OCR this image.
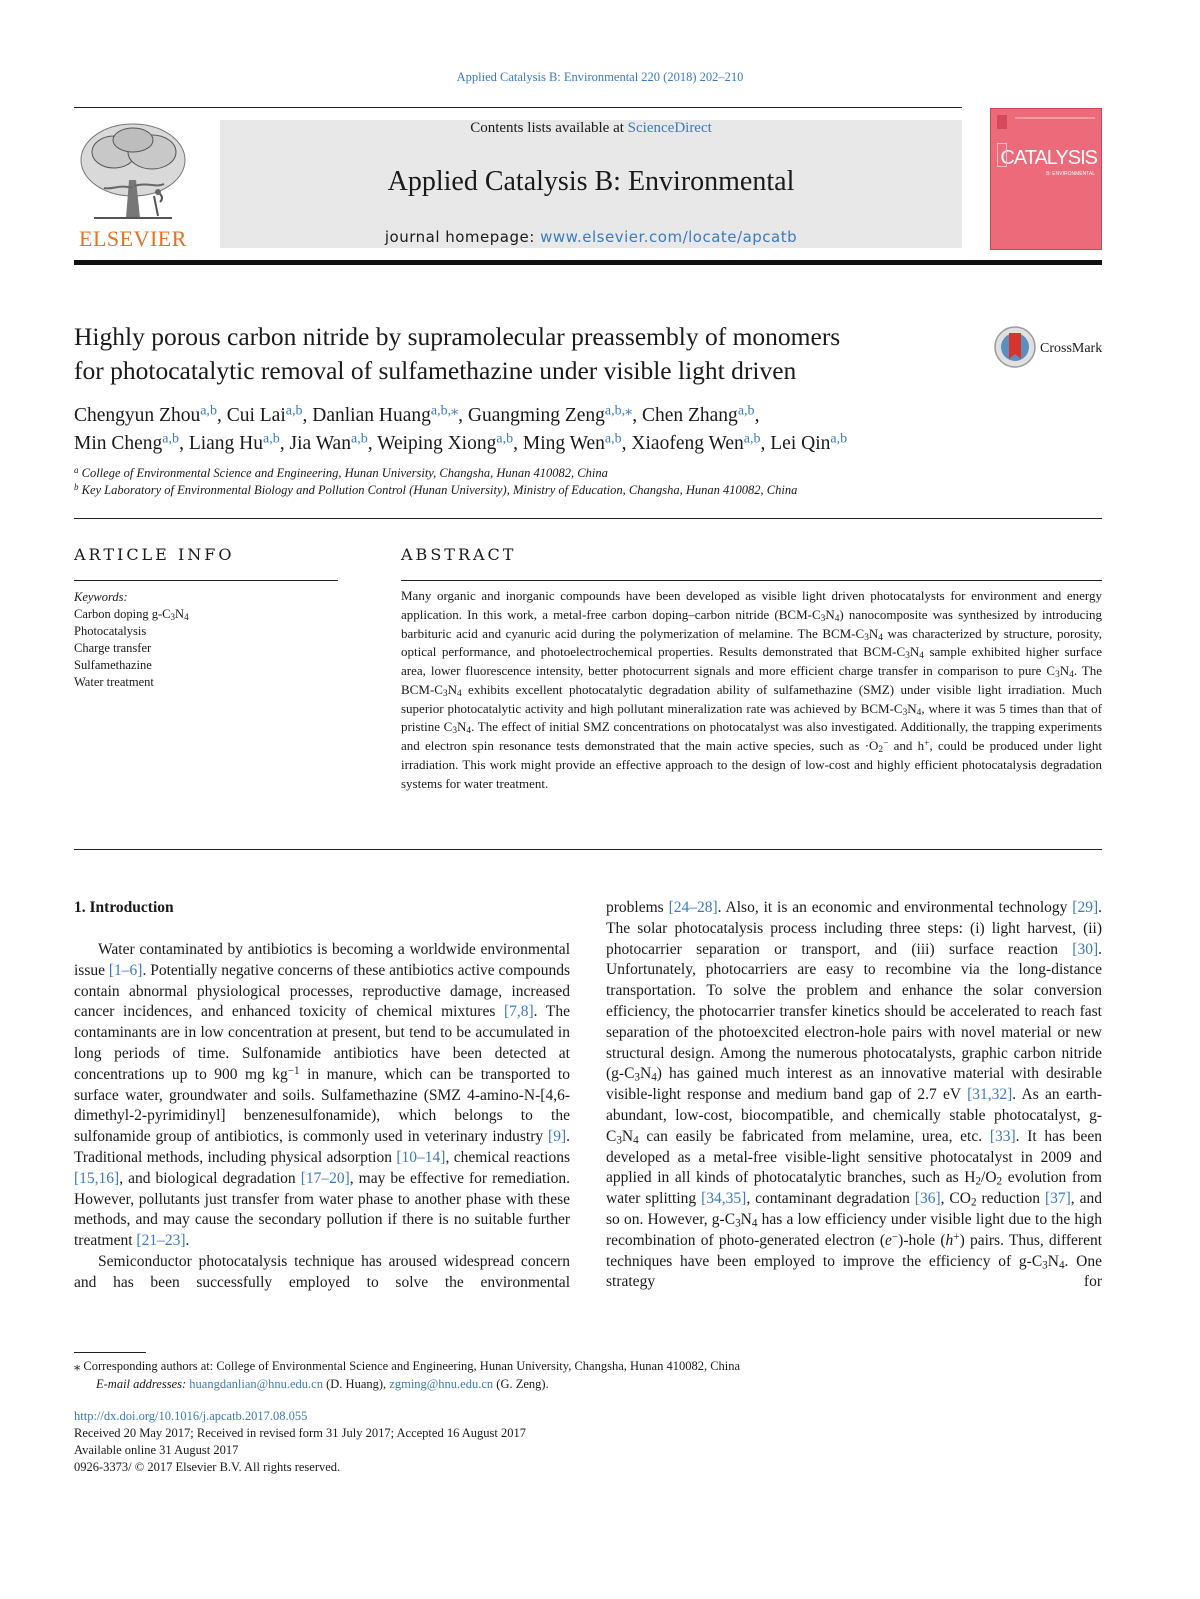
Applied Catalysis B: Environmental 220 (2018) 202–210
ELSEVIER
Contents lists available at ScienceDirect
Applied Catalysis B: Environmental
journal homepage: www.elsevier.com/locate/apcatb
CATALYSIS
B: ENVIRONMENTAL
Highly porous carbon nitride by supramolecular preassembly of monomers
for photocatalytic removal of sulfamethazine under visible light driven
CrossMark
Chengyun Zhou$^{a,b}$, Cui Lai$^{a,b}$, Danlian Huang$^{a,b,⁎}$, Guangming Zeng$^{a,b,⁎}$, Chen Zhang$^{a,b}$,
Min Cheng$^{a,b}$, Liang Hu$^{a,b}$, Jia Wan$^{a,b}$, Weiping Xiong$^{a,b}$, Ming Wen$^{a,b}$, Xiaofeng Wen$^{a,b}$, Lei Qin$^{a,b}$
$^a$ College of Environmental Science and Engineering, Hunan University, Changsha, Hunan 410082, China
$^b$ Key Laboratory of Environmental Biology and Pollution Control (Hunan University), Ministry of Education, Changsha, Hunan 410082, China
ARTICLE INFO	ABSTRACT
Keywords:
Carbon doping $g-C_3N_4$
Photocatalysis
Charge transfer
Sulfamethazine
Water treatment
Many organic and inorganic compounds have been developed as visible light driven photocatalysts for environment and energy application. In this work, a metal-free carbon doping–carbon nitride $(BCM-C_3N_4)$ nanocomposite was synthesized by introducing barbituric acid and cyanuric acid during the polymerization of melamine. The BCM-$C_3N_4$ was characterized by structure, porosity, optical performance, and photoelectrochemical properties. Results demonstrated that BCM-$C_3N_4$ sample exhibited higher surface area, lower fluorescence intensity, better photocurrent signals and more efficient charge transfer in comparison to pure $C_3N_4$. The BCM-$C_3N_4$ exhibits excellent photocatalytic degradation ability of sulfamethazine (SMZ) under visible light irradiation. Much superior photocatalytic activity and high pollutant mineralization rate was achieved by BCM-$C_3N_4$, where it was 5 times than that of pristine $C_3N_4$. The effect of initial SMZ concentrations on photocatalyst was also investigated. Additionally, the trapping experiments and electron spin resonance tests demonstrated that the main active species, such as $\cdot O_2^-$ and h+, could be produced under light irradiation. This work might provide an effective approach to the design of low-cost and highly efficient photocatalysis degradation systems for water treatment.
1. Introduction

Water contaminated by antibiotics is becoming a worldwide environmental issue [1–6]. Potentially negative concerns of these antibiotics active compounds contain abnormal physiological processes, reproductive damage, increased cancer incidences, and enhanced toxicity of chemical mixtures [7,8]. The contaminants are in low concentration at present, but tend to be accumulated in long periods of time. Sulfonamide antibiotics have been detected at concentrations up to 900 mg $kg^{-1}$ in manure, which can be transported to surface water, groundwater and soils. Sulfamethazine (SMZ 4-amino-N-[4,6-dimethyl-2-pyrimidinyl] benzenesulfonamide), which belongs to the sulfonamide group of antibiotics, is commonly used in veterinary industry [9]. Traditional methods, including physical adsorption [10–14], chemical reactions [15,16], and biological degradation [17–20], may be effective for remediation. However, pollutants just transfer from water phase to another phase with these methods, and may cause the secondary pollution if there is no suitable further treatment [21–23].

Semiconductor photocatalysis technique has aroused widespread concern and has been successfully employed to solve the environmental

problems [24–28]. Also, it is an economic and environmental technology [29]. The solar photocatalysis process including three steps: (i) light harvest, (ii) photocarrier separation or transport, and (iii) surface reaction [30]. Unfortunately, photocarriers are easy to recombine via the long-distance transportation. To solve the problem and enhance the solar conversion efficiency, the photocarrier transfer kinetics should be accelerated to reach fast separation of the photoexcited electron-hole pairs with novel material or new structural design. Among the numerous photocatalysts, graphic carbon nitride $(g-C_3N_4)$ has gained much interest as an innovative material with desirable visible-light response and medium band gap of 2.7 eV [31,32]. As an earth-abundant, low-cost, biocompatible, and chemically stable photocatalyst, $g-C_3N_4$ can easily be fabricated from melamine, urea, etc. [33]. It has been developed as a metal-free visible-light sensitive photocatalyst in 2009 and applied in all kinds of photocatalytic branches, such as $H_2/O_2$ evolution from water splitting [34,35], contaminant degradation [36], $CO_2$ reduction [37], and so on. However, $g-C_3N_4$ has a low efficiency under visible light due to the high recombination of photo-generated electron (e−)-hole (h+) pairs. Thus, different techniques have been employed to improve the efficiency of $g-C_3N_4$. One strategy for

⁎ Corresponding authors at: College of Environmental Science and Engineering, Hunan University, Changsha, Hunan 410082, China
E-mail addresses: huangdanlian@hnu.edu.cn (D. Huang), zgming@hnu.edu.cn (G. Zeng).
http://dx.doi.org/10.1016/j.apcatb.2017.08.055
Received 20 May 2017; Received in revised form 31 July 2017; Accepted 16 August 2017
Available online 31 August 2017
0926-3373/ © 2017 Elsevier B.V. All rights reserved.
